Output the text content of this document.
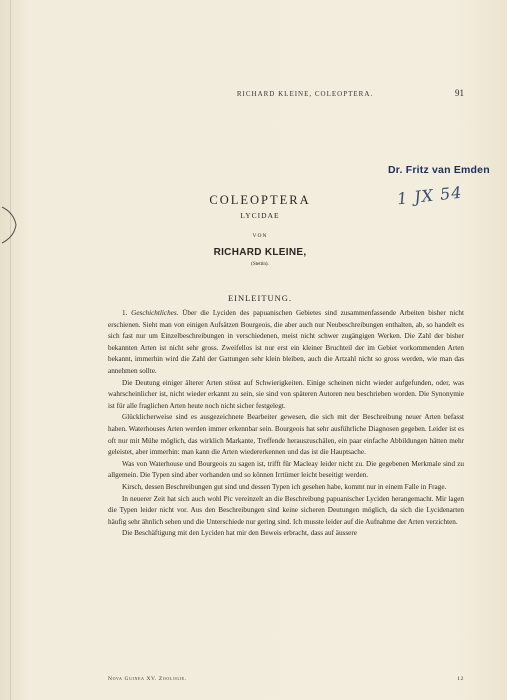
RICHARD KLEINE, COLEOPTERA.	91
Dr. Fritz van Emden
1 JX 54
COLEOPTERA
LYCIDAE
VON
RICHARD KLEINE,
(Stettin).
EINLEITUNG.

1. Geschichtliches. Über die Lyciden des papuanischen Gebietes sind zusammenfassende Arbeiten bisher nicht erschienen. Sieht man von einigen Aufsätzen Bourgeois, die aber auch nur Neubeschreibungen enthalten, ab, so handelt es sich fast nur um Einzelbeschreibungen in verschiedenen, meist nicht schwer zugängigen Werken. Die Zahl der bisher bekannten Arten ist nicht sehr gross. Zweifellos ist nur erst ein kleiner Bruchteil der im Gebiet vorkommenden Arten bekannt, immerhin wird die Zahl der Gattungen sehr klein bleiben, auch die Artzahl nicht so gross werden, wie man das annehmen sollte.

Die Deutung einiger älterer Arten stösst auf Schwierigkeiten. Einige scheinen nicht wieder aufgefunden, oder, was wahrscheinlicher ist, nicht wieder erkannt zu sein, sie sind von späteren Autoren neu beschrieben worden. Die Synonymie ist für alle fraglichen Arten heute noch nicht sicher festgelegt.

Glücklicherweise sind es ausgezeichnete Bearbeiter gewesen, die sich mit der Beschreibung neuer Arten befasst haben. Waterhouses Arten werden immer erkennbar sein. Bourgeois hat sehr ausführliche Diagnosen gegeben. Leider ist es oft nur mit Mühe möglich, das wirklich Markante, Treffende herauszuschälen, ein paar einfache Abbildungen hätten mehr geleistet, aber immerhin: man kann die Arten wiedererkennen und das ist die Hauptsache.

Was von Waterhouse und Bourgeois zu sagen ist, trifft für Macleay leider nicht zu. Die gegebenen Merkmale sind zu allgemein. Die Typen sind aber vorhanden und so können Irrtümer leicht beseitigt werden.

Kirsch, dessen Beschreibungen gut sind und dessen Typen ich gesehen habe, kommt nur in einem Falle in Frage.

In neuerer Zeit hat sich auch wohl Pic vereinzelt an die Beschreibung papuanischer Lyciden herangemacht. Mir lagen die Typen leider nicht vor. Aus den Beschreibungen sind keine sicheren Deutungen möglich, da sich die Lycidenarten häufig sehr ähnlich sehen und die Unterschiede nur gering sind. Ich musste leider auf die Aufnahme der Arten verzichten.

Die Beschäftigung mit den Lyciden hat mir den Beweis erbracht, dass auf äussere

Nova Guinea XV. Zoologie.	12
